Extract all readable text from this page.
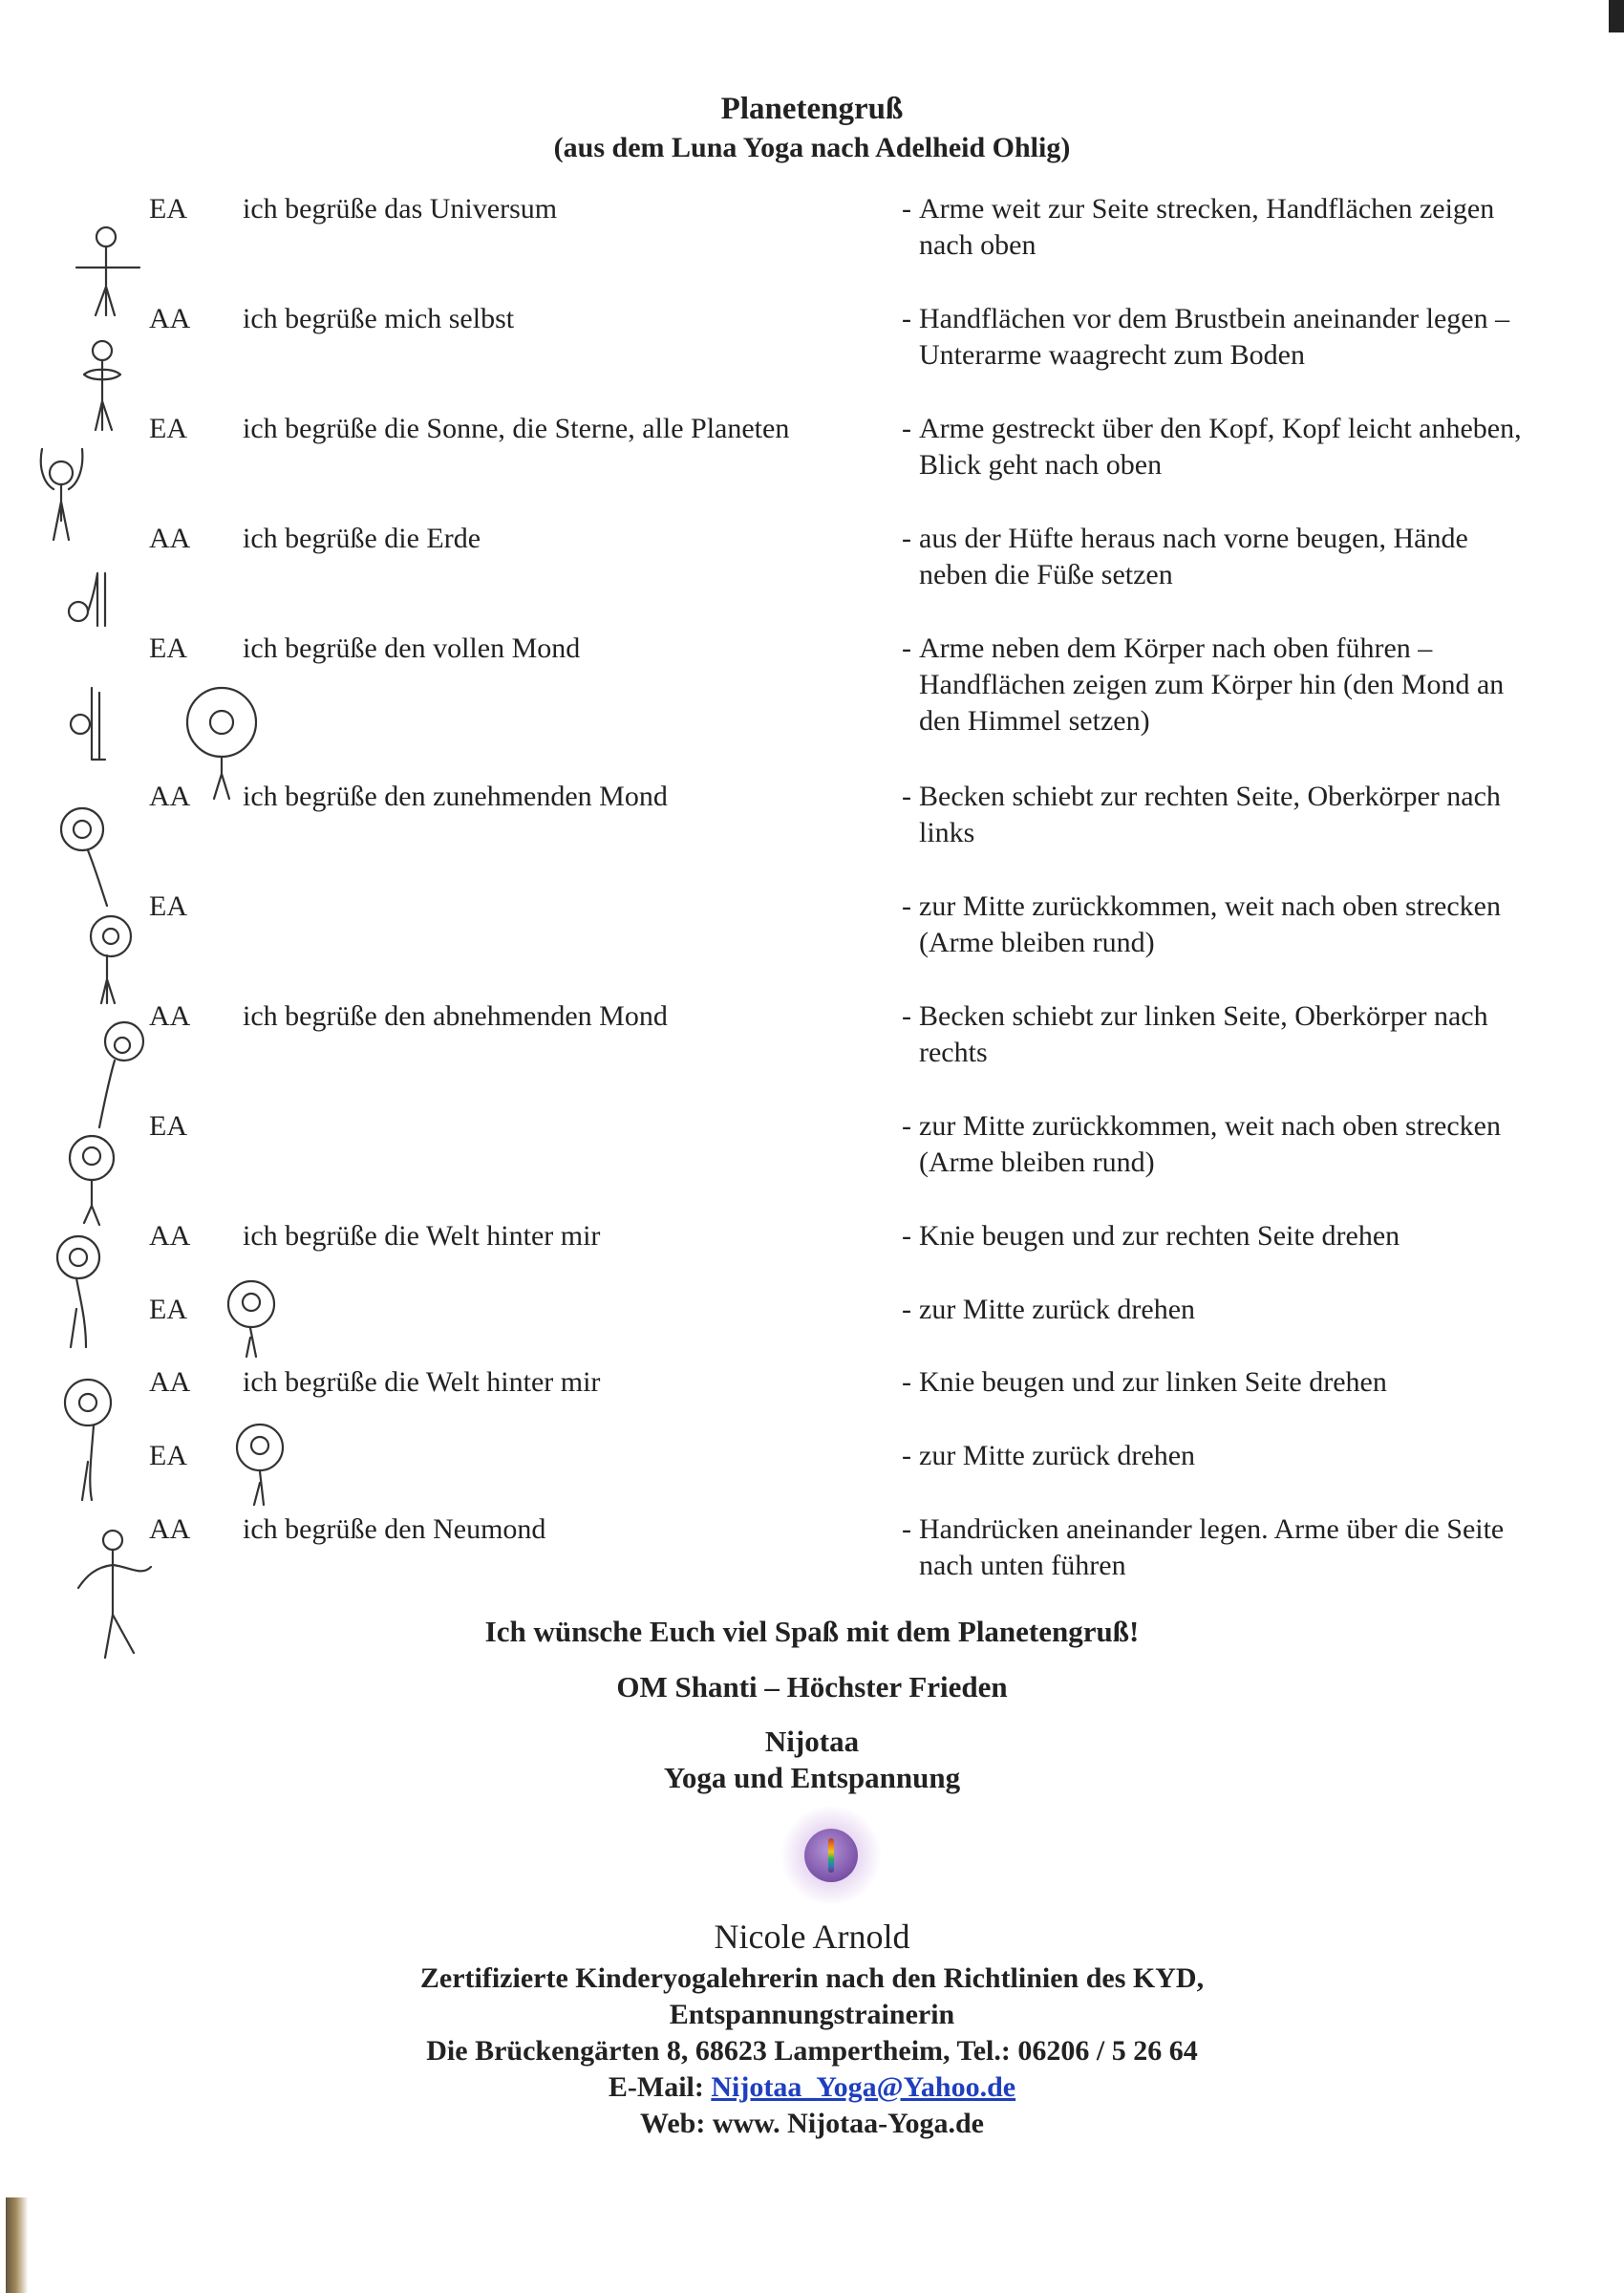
Planetengruß
(aus dem Luna Yoga nach Adelheid Ohlig)
EA ich begrüße das Universum	- Arme weit zur Seite strecken, Handflächen zeigen nach oben
AA ich begrüße mich selbst	- Handflächen vor dem Brustbein aneinander legen – Unterarme waagrecht zum Boden
EA ich begrüße die Sonne, die Sterne, alle Planeten	- Arme gestreckt über den Kopf, Kopf leicht anheben, Blick geht nach oben
AA ich begrüße die Erde	- aus der Hüfte heraus nach vorne beugen, Hände neben die Füße setzen
EA ich begrüße den vollen Mond	- Arme neben dem Körper nach oben führen – Handflächen zeigen zum Körper hin (den Mond an den Himmel setzen)
AA ich begrüße den zunehmenden Mond	- Becken schiebt zur rechten Seite, Oberkörper nach links
EA	- zur Mitte zurückkommen, weit nach oben strecken (Arme bleiben rund)
AA ich begrüße den abnehmenden Mond	- Becken schiebt zur linken Seite, Oberkörper nach rechts
EA	- zur Mitte zurückkommen, weit nach oben strecken (Arme bleiben rund)
AA ich begrüße die Welt hinter mir	- Knie beugen und zur rechten Seite drehen
EA	- zur Mitte zurück drehen
AA ich begrüße die Welt hinter mir	- Knie beugen und zur linken Seite drehen
EA	- zur Mitte zurück drehen
AA ich begrüße den Neumond	- Handrücken aneinander legen. Arme über die Seite nach unten führen
Ich wünsche Euch viel Spaß mit dem Planetengruß!
OM Shanti – Höchster Frieden
Nijotaa
Yoga und Entspannung
Nicole Arnold
Zertifizierte Kinderyogalehrerin nach den Richtlinien des KYD,
Entspannungstrainerin
Die Brückengärten 8, 68623 Lampertheim, Tel.: 06206 / 5 26 64
E-Mail: Nijotaa_Yoga@Yahoo.de
Web: www. Nijotaa-Yoga.de
